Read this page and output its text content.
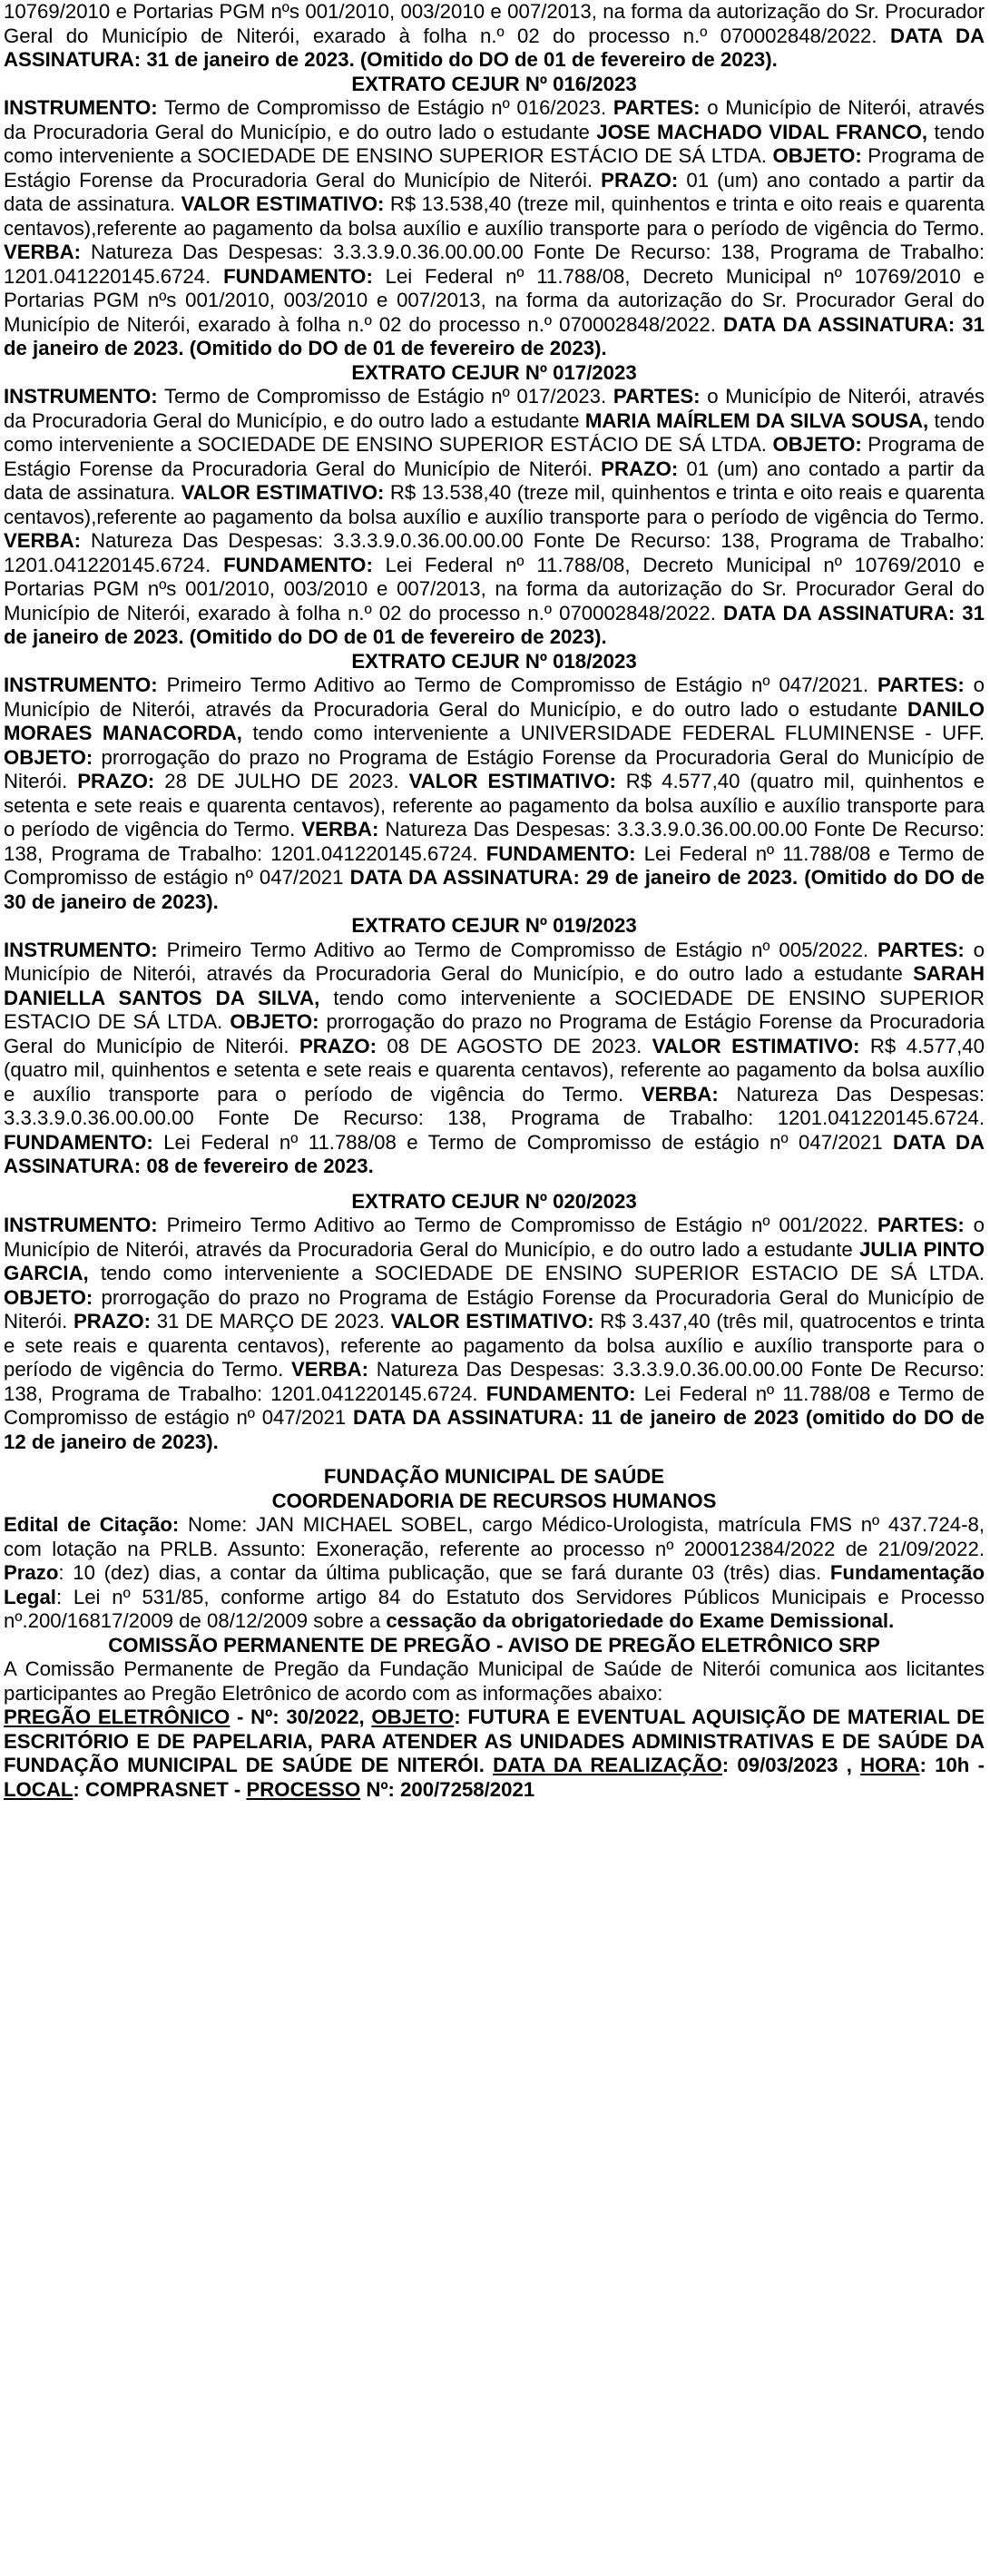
10769/2010 e Portarias PGM nºs 001/2010, 003/2010 e 007/2013, na forma da autorização do Sr. Procurador Geral do Município de Niterói, exarado à folha n.º 02 do processo n.º 070002848/2022. DATA DA ASSINATURA: 31 de janeiro de 2023. (Omitido do DO de 01 de fevereiro de 2023).

EXTRATO CEJUR Nº 016/2023

INSTRUMENTO: Termo de Compromisso de Estágio nº 016/2023. PARTES: o Município de Niterói, através da Procuradoria Geral do Município, e do outro lado o estudante JOSE MACHADO VIDAL FRANCO, tendo como interveniente a SOCIEDADE DE ENSINO SUPERIOR ESTÁCIO DE SÁ LTDA. OBJETO: Programa de Estágio Forense da Procuradoria Geral do Município de Niterói. PRAZO: 01 (um) ano contado a partir da data de assinatura. VALOR ESTIMATIVO: R$ 13.538,40 (treze mil, quinhentos e trinta e oito reais e quarenta centavos),referente ao pagamento da bolsa auxílio e auxílio transporte para o período de vigência do Termo. VERBA: Natureza Das Despesas: 3.3.3.9.0.36.00.00.00 Fonte De Recurso: 138, Programa de Trabalho: 1201.041220145.6724. FUNDAMENTO: Lei Federal nº 11.788/08, Decreto Municipal nº 10769/2010 e Portarias PGM nºs 001/2010, 003/2010 e 007/2013, na forma da autorização do Sr. Procurador Geral do Município de Niterói, exarado à folha n.º 02 do processo n.º 070002848/2022. DATA DA ASSINATURA: 31 de janeiro de 2023. (Omitido do DO de 01 de fevereiro de 2023).

EXTRATO CEJUR Nº 017/2023

INSTRUMENTO: Termo de Compromisso de Estágio nº 017/2023. PARTES: o Município de Niterói, através da Procuradoria Geral do Município, e do outro lado a estudante MARIA MAÍRLEM DA SILVA SOUSA, tendo como interveniente a SOCIEDADE DE ENSINO SUPERIOR ESTÁCIO DE SÁ LTDA. OBJETO: Programa de Estágio Forense da Procuradoria Geral do Município de Niterói. PRAZO: 01 (um) ano contado a partir da data de assinatura. VALOR ESTIMATIVO: R$ 13.538,40 (treze mil, quinhentos e trinta e oito reais e quarenta centavos),referente ao pagamento da bolsa auxílio e auxílio transporte para o período de vigência do Termo. VERBA: Natureza Das Despesas: 3.3.3.9.0.36.00.00.00 Fonte De Recurso: 138, Programa de Trabalho: 1201.041220145.6724. FUNDAMENTO: Lei Federal nº 11.788/08, Decreto Municipal nº 10769/2010 e Portarias PGM nºs 001/2010, 003/2010 e 007/2013, na forma da autorização do Sr. Procurador Geral do Município de Niterói, exarado à folha n.º 02 do processo n.º 070002848/2022. DATA DA ASSINATURA: 31 de janeiro de 2023. (Omitido do DO de 01 de fevereiro de 2023).

EXTRATO CEJUR Nº 018/2023

INSTRUMENTO: Primeiro Termo Aditivo ao Termo de Compromisso de Estágio nº 047/2021. PARTES: o Município de Niterói, através da Procuradoria Geral do Município, e do outro lado o estudante DANILO MORAES MANACORDA, tendo como interveniente a UNIVERSIDADE FEDERAL FLUMINENSE - UFF. OBJETO: prorrogação do prazo no Programa de Estágio Forense da Procuradoria Geral do Município de Niterói. PRAZO: 28 DE JULHO DE 2023. VALOR ESTIMATIVO: R$ 4.577,40 (quatro mil, quinhentos e setenta e sete reais e quarenta centavos), referente ao pagamento da bolsa auxílio e auxílio transporte para o período de vigência do Termo. VERBA: Natureza Das Despesas: 3.3.3.9.0.36.00.00.00 Fonte De Recurso: 138, Programa de Trabalho: 1201.041220145.6724. FUNDAMENTO: Lei Federal nº 11.788/08 e Termo de Compromisso de estágio nº 047/2021 DATA DA ASSINATURA: 29 de janeiro de 2023. (Omitido do DO de 30 de janeiro de 2023).

EXTRATO CEJUR Nº 019/2023

INSTRUMENTO: Primeiro Termo Aditivo ao Termo de Compromisso de Estágio nº 005/2022. PARTES: o Município de Niterói, através da Procuradoria Geral do Município, e do outro lado a estudante SARAH DANIELLA SANTOS DA SILVA, tendo como interveniente a SOCIEDADE DE ENSINO SUPERIOR ESTACIO DE SÁ LTDA. OBJETO: prorrogação do prazo no Programa de Estágio Forense da Procuradoria Geral do Município de Niterói. PRAZO: 08 DE AGOSTO DE 2023. VALOR ESTIMATIVO: R$ 4.577,40 (quatro mil, quinhentos e setenta e sete reais e quarenta centavos), referente ao pagamento da bolsa auxílio e auxílio transporte para o período de vigência do Termo. VERBA: Natureza Das Despesas: 3.3.3.9.0.36.00.00.00 Fonte De Recurso: 138, Programa de Trabalho: 1201.041220145.6724. FUNDAMENTO: Lei Federal nº 11.788/08 e Termo de Compromisso de estágio nº 047/2021 DATA DA ASSINATURA: 08 de fevereiro de 2023.

EXTRATO CEJUR Nº 020/2023

INSTRUMENTO: Primeiro Termo Aditivo ao Termo de Compromisso de Estágio nº 001/2022. PARTES: o Município de Niterói, através da Procuradoria Geral do Município, e do outro lado a estudante JULIA PINTO GARCIA, tendo como interveniente a SOCIEDADE DE ENSINO SUPERIOR ESTACIO DE SÁ LTDA. OBJETO: prorrogação do prazo no Programa de Estágio Forense da Procuradoria Geral do Município de Niterói. PRAZO: 31 DE MARÇO DE 2023. VALOR ESTIMATIVO: R$ 3.437,40 (três mil, quatrocentos e trinta e sete reais e quarenta centavos), referente ao pagamento da bolsa auxílio e auxílio transporte para o período de vigência do Termo. VERBA: Natureza Das Despesas: 3.3.3.9.0.36.00.00.00 Fonte De Recurso: 138, Programa de Trabalho: 1201.041220145.6724. FUNDAMENTO: Lei Federal nº 11.788/08 e Termo de Compromisso de estágio nº 047/2021 DATA DA ASSINATURA: 11 de janeiro de 2023 (omitido do DO de 12 de janeiro de 2023).

FUNDAÇÃO MUNICIPAL DE SAÚDE

COORDENADORIA DE RECURSOS HUMANOS

Edital de Citação: Nome: JAN MICHAEL SOBEL, cargo Médico-Urologista, matrícula FMS nº 437.724-8, com lotação na PRLB. Assunto: Exoneração, referente ao processo nº 200012384/2022 de 21/09/2022. Prazo: 10 (dez) dias, a contar da última publicação, que se fará durante 03 (três) dias. Fundamentação Legal: Lei nº 531/85, conforme artigo 84 do Estatuto dos Servidores Públicos Municipais e Processo nº.200/16817/2009 de 08/12/2009 sobre a cessação da obrigatoriedade do Exame Demissional.

COMISSÃO PERMANENTE DE PREGÃO - AVISO DE PREGÃO ELETRÔNICO SRP

A Comissão Permanente de Pregão da Fundação Municipal de Saúde de Niterói comunica aos licitantes participantes ao Pregão Eletrônico de acordo com as informações abaixo:

PREGÃO ELETRÔNICO - Nº: 30/2022, OBJETO: FUTURA E EVENTUAL AQUISIÇÃO DE MATERIAL DE ESCRITÓRIO E DE PAPELARIA, PARA ATENDER AS UNIDADES ADMINISTRATIVAS E DE SAÚDE DA FUNDAÇÃO MUNICIPAL DE SAÚDE DE NITERÓI. DATA DA REALIZAÇÃO: 09/03/2023 , HORA: 10h - LOCAL: COMPRASNET - PROCESSO Nº: 200/7258/2021
